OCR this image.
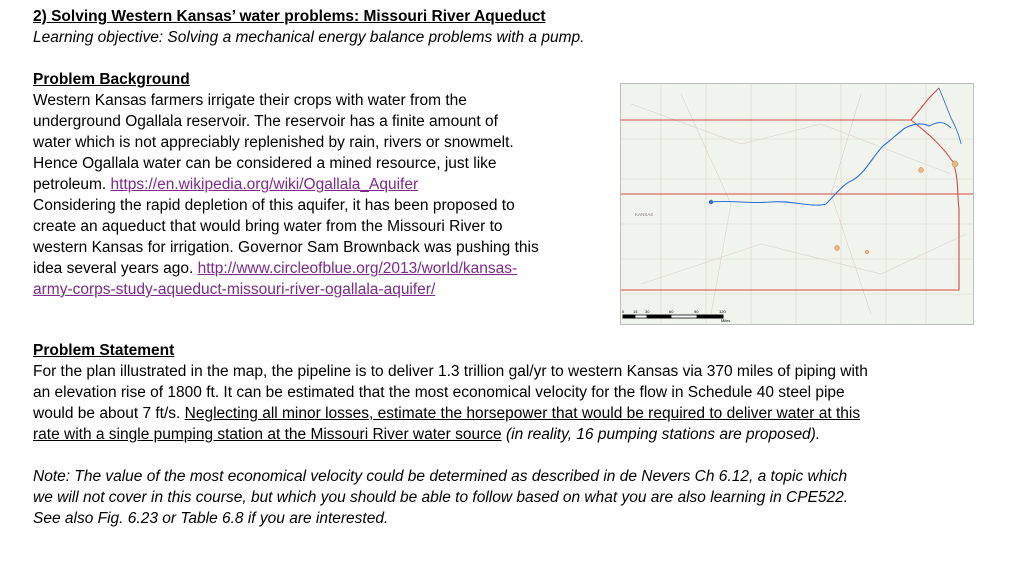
2) Solving Western Kansas’ water problems: Missouri River Aqueduct
Learning objective: Solving a mechanical energy balance problems with a pump.
Problem Background
Western Kansas farmers irrigate their crops with water from the
underground Ogallala reservoir. The reservoir has a finite amount of
water which is not appreciably replenished by rain, rivers or snowmelt.
Hence Ogallala water can be considered a mined resource, just like
petroleum. https://en.wikipedia.org/wiki/Ogallala_Aquifer
Considering the rapid depletion of this aquifer, it has been proposed to
create an aqueduct that would bring water from the Missouri River to
western Kansas for irrigation. Governor Sam Brownback was pushing this
idea several years ago. http://www.circleofblue.org/2013/world/kansas-
army-corps-study-aqueduct-missouri-river-ogallala-aquifer/
KANSAS
0 15 30	60	90	120
Miles
Problem Statement
For the plan illustrated in the map, the pipeline is to deliver 1.3 trillion gal/yr to western Kansas via 370 miles of piping with
an elevation rise of 1800 ft. It can be estimated that the most economical velocity for the flow in Schedule 40 steel pipe
would be about 7 ft/s. Neglecting all minor losses, estimate the horsepower that would be required to deliver water at this
rate with a single pumping station at the Missouri River water source (in reality, 16 pumping stations are proposed).
Note: The value of the most economical velocity could be determined as described in de Nevers Ch 6.12, a topic which
we will not cover in this course, but which you should be able to follow based on what you are also learning in CPE522.
See also Fig. 6.23 or Table 6.8 if you are interested.
